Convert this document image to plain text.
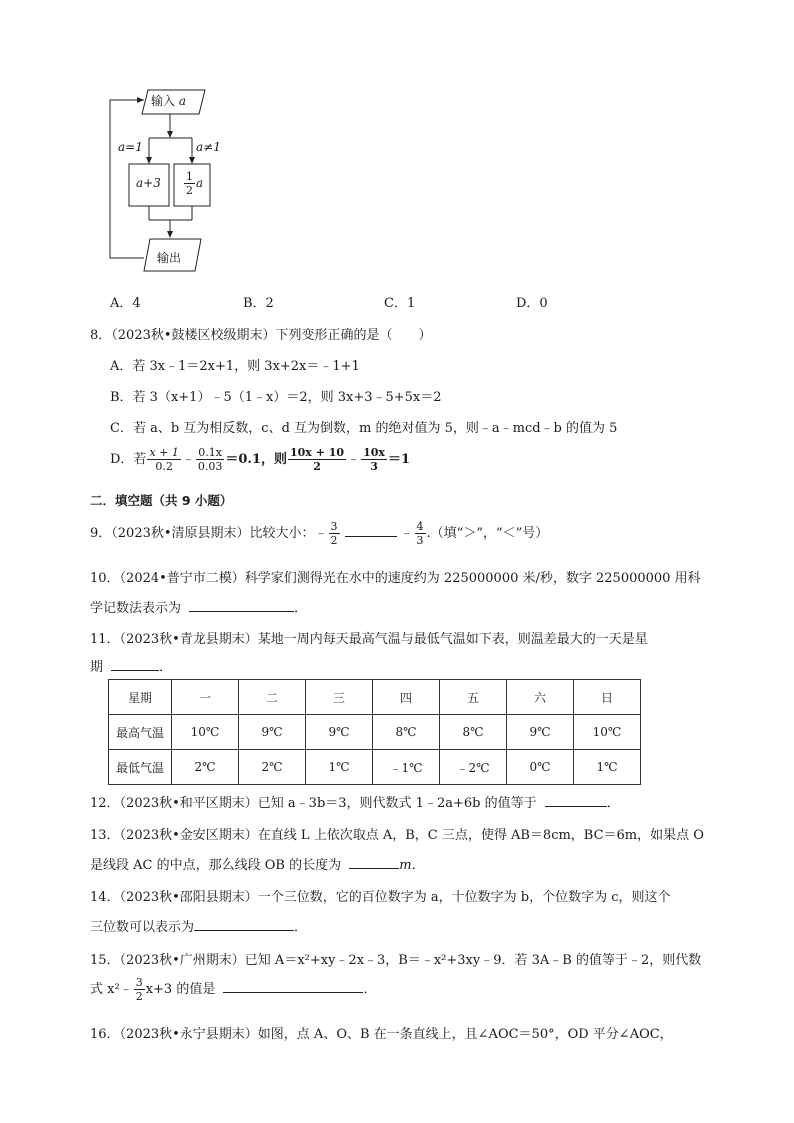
输入 a
a=1	a≠1
$a+3 \frac{1}{2}$ a
输出
A．4	B．2	C．1	D．0
8．（2023秋•鼓楼区校级期末）下列变形正确的是（　　）
A．若 3x﹣1＝2x+1，则 3x+2x＝﹣1+1
B．若 3（x+1）﹣5（1﹣x）＝2，则 3x+3﹣5+5x＝2
C．若 a、b 互为相反数，c、d 互为倒数，m 的绝对值为 5，则﹣a﹣mcd﹣b 的值为 5
D．若 $\frac{x + 1}{0.2}$ ﹣ $\frac{0.1x}{0.03} =0.1$，则 $\frac{10x + 10}{2}$ ﹣ $\frac{10x}{3} =1$
二．填空题（共 9 小题）
9．（2023秋•清原县期末）比较大小：﹣ $\frac{3}{2}$	﹣ $\frac{4}{3}$ .（填“＞”，“＜”号）
10．（2024•普宁市二模）科学家们测得光在水中的速度约为 225000000 米/秒，数字 225000000 用科
学记数法表示为	．
11．（2023秋•青龙县期末）某地一周内每天最高气温与最低气温如下表，则温差最大的一天是星
期	．
星期	一	二	三	四	五	六	日
最高气温	10℃	9℃	9℃	8℃	8℃	9℃	10℃
最低气温	2℃	2℃	1℃	﹣1℃	﹣2℃	0℃	1℃
12．（2023秋•和平区期末）已知 a﹣3b＝3，则代数式 1﹣2a+6b 的值等于	．
13．（2023秋•金安区期末）在直线 L 上依次取点 A，B，C 三点，使得 AB＝8cm，BC＝6m，如果点 O
是线段 AC 的中点，那么线段 OB 的长度为	m．
14．（2023秋•邵阳县期末）一个三位数，它的百位数字为 a，十位数字为 b，个位数字为 c，则这个
三位数可以表示为	．
15．（2023秋•广州期末）已知 A＝x²+xy﹣2x﹣3，B＝﹣x²+3xy﹣9．若 3A﹣B 的值等于﹣2，则代数
式 x²﹣ $\frac{3}{2} x+3$ 的值是	．
16．（2023秋•永宁县期末）如图，点 A、O、B 在一条直线上，且∠AOC＝50°，OD 平分∠AOC，
